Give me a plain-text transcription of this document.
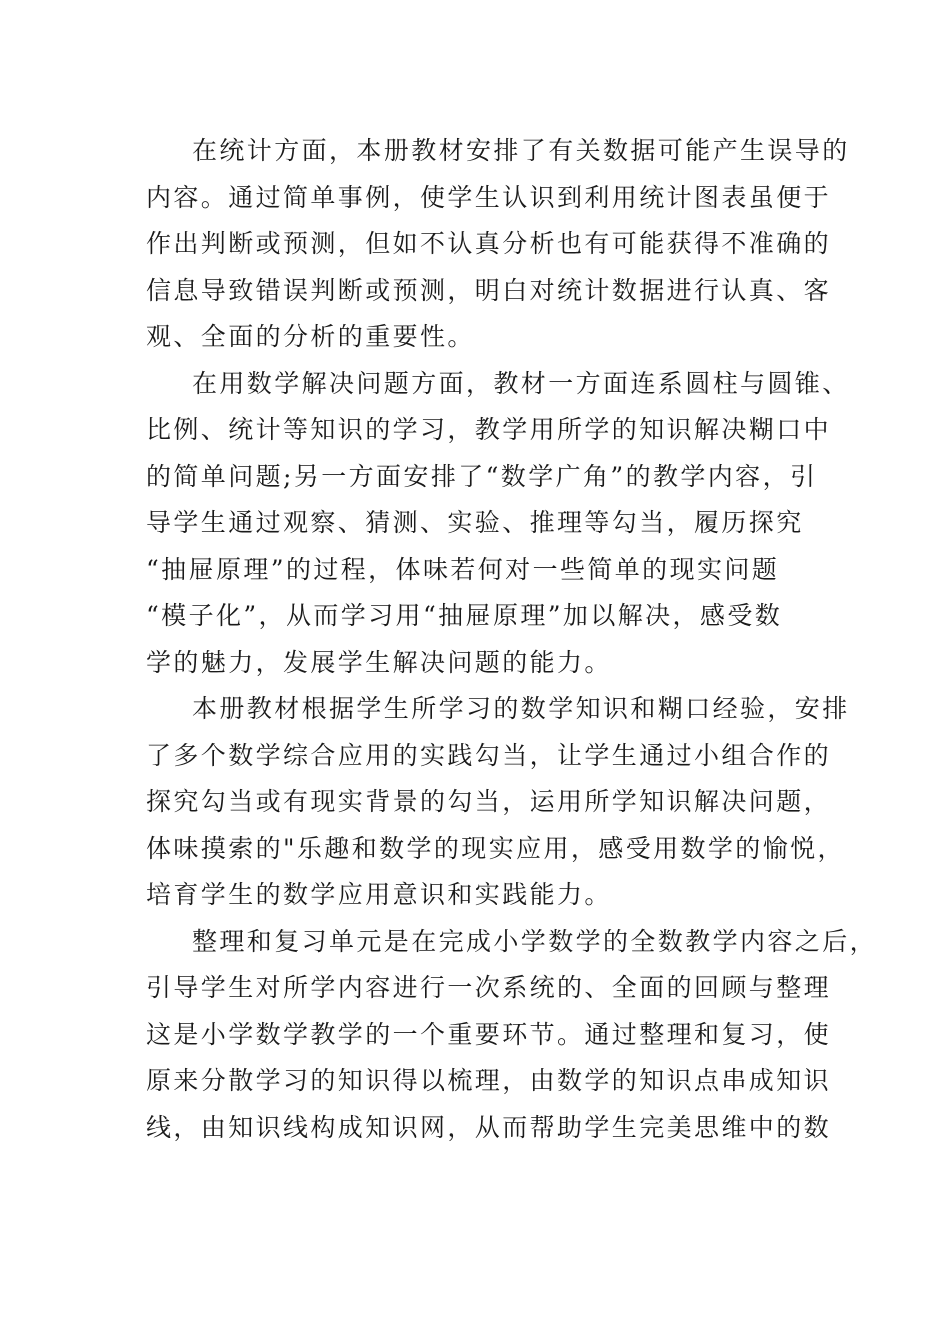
在统计方面，本册教材安排了有关数据可能产生误导的
内容。通过简单事例，使学生认识到利用统计图表虽便于
作出判断或预测，但如不认真分析也有可能获得不准确的
信息导致错误判断或预测，明白对统计数据进行认真、客
观、全面的分析的重要性。
在用数学解决问题方面，教材一方面连系圆柱与圆锥、
比例、统计等知识的学习，教学用所学的知识解决糊口中
的简单问题;另一方面安排了“数学广角”的教学内容，引
导学生通过观察、猜测、实验、推理等勾当，履历探究
“抽屉原理”的过程，体味若何对一些简单的现实问题
“模子化”，从而学习用“抽屉原理”加以解决，感受数
学的魅力，发展学生解决问题的能力。
本册教材根据学生所学习的数学知识和糊口经验，安排
了多个数学综合应用的实践勾当，让学生通过小组合作的
探究勾当或有现实背景的勾当，运用所学知识解决问题，
体味摸索的"乐趣和数学的现实应用，感受用数学的愉悦，
培育学生的数学应用意识和实践能力。
整理和复习单元是在完成小学数学的全数教学内容之后，
引导学生对所学内容进行一次系统的、全面的回顾与整理
这是小学数学教学的一个重要环节。通过整理和复习，使
原来分散学习的知识得以梳理，由数学的知识点串成知识
线，由知识线构成知识网，从而帮助学生完美思维中的数
